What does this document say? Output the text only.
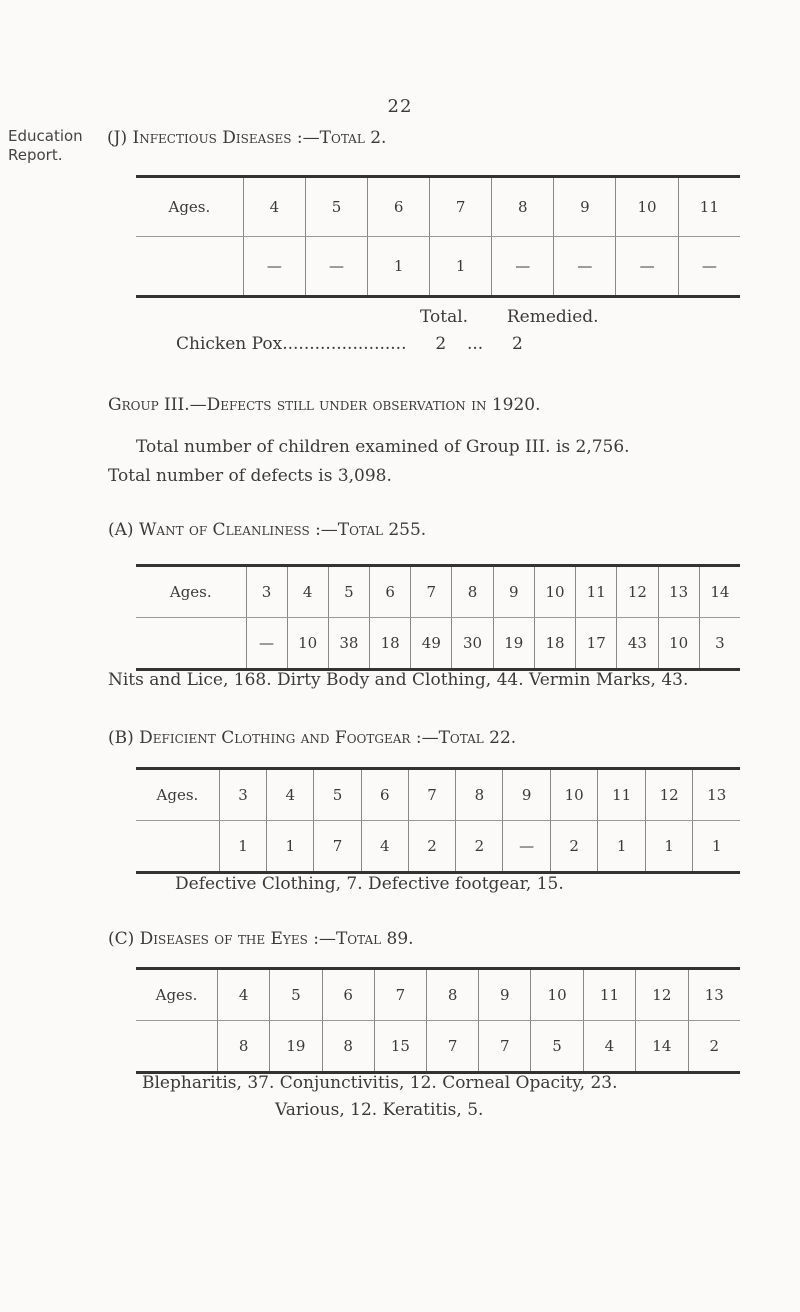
Education
Report.
22
(J) Infectious Diseases :—Total 2.
Ages.	4	5	6	7	8	9	10	11
	—	—	1	1	—	—	—	—
Total. Remedied.
Chicken Pox....................... 2 ... 2
Group III.—Defects still under observation in 1920.
Total number of children examined of Group III. is 2,756.
Total number of defects is 3,098.
(A) Want of Cleanliness :—Total 255.
Ages.	3	4	5	6	7	8	9	10	11	12	13	14
	—	10	38	18	49	30	19	18	17	43	10	3
Nits and Lice, 168. Dirty Body and Clothing, 44. Vermin Marks, 43.
(B) Deficient Clothing and Footgear :—Total 22.
Ages.	3	4	5	6	7	8	9	10	11	12	13
	1	1	7	4	2	2	—	2	1	1	1
Defective Clothing, 7. Defective footgear, 15.
(C) Diseases of the Eyes :—Total 89.
Ages.	4	5	6	7	8	9	10	11	12	13
	8	19	8	15	7	7	5	4	14	2
Blepharitis, 37. Conjunctivitis, 12. Corneal Opacity, 23.
Various, 12. Keratitis, 5.
